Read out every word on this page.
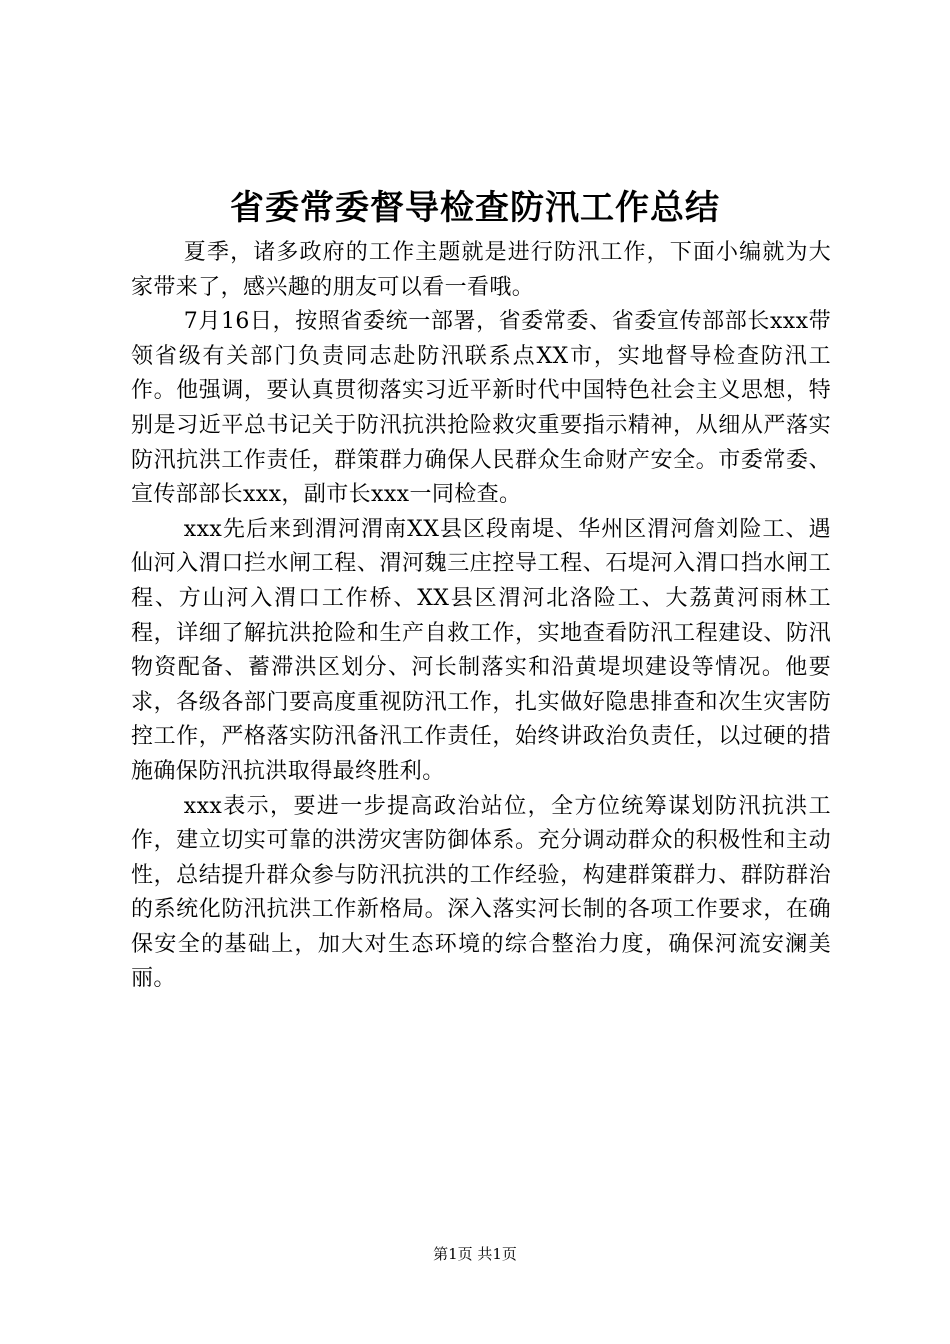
省委常委督导检查防汛工作总结

夏季，诸多政府的工作主题就是进行防汛工作，下面小编就为大家带来了，感兴趣的朋友可以看一看哦。

7月16日，按照省委统一部署，省委常委、省委宣传部部长xxx带领省级有关部门负责同志赴防汛联系点XX市，实地督导检查防汛工作。他强调，要认真贯彻落实习近平新时代中国特色社会主义思想，特别是习近平总书记关于防汛抗洪抢险救灾重要指示精神，从细从严落实防汛抗洪工作责任，群策群力确保人民群众生命财产安全。市委常委、宣传部部长xxx，副市长xxx一同检查。

xxx先后来到渭河渭南XX县区段南堤、华州区渭河詹刘险工、遇仙河入渭口拦水闸工程、渭河魏三庄控导工程、石堤河入渭口挡水闸工程、方山河入渭口工作桥、XX县区渭河北洛险工、大荔黄河雨林工程，详细了解抗洪抢险和生产自救工作，实地查看防汛工程建设、防汛物资配备、蓄滞洪区划分、河长制落实和沿黄堤坝建设等情况。他要求，各级各部门要高度重视防汛工作，扎实做好隐患排查和次生灾害防控工作，严格落实防汛备汛工作责任，始终讲政治负责任，以过硬的措施确保防汛抗洪取得最终胜利。

xxx表示，要进一步提高政治站位，全方位统筹谋划防汛抗洪工作，建立切实可靠的洪涝灾害防御体系。充分调动群众的积极性和主动性，总结提升群众参与防汛抗洪的工作经验，构建群策群力、群防群治的系统化防汛抗洪工作新格局。深入落实河长制的各项工作要求，在确保安全的基础上，加大对生态环境的综合整治力度，确保河流安澜美丽。

第1页 共1页
